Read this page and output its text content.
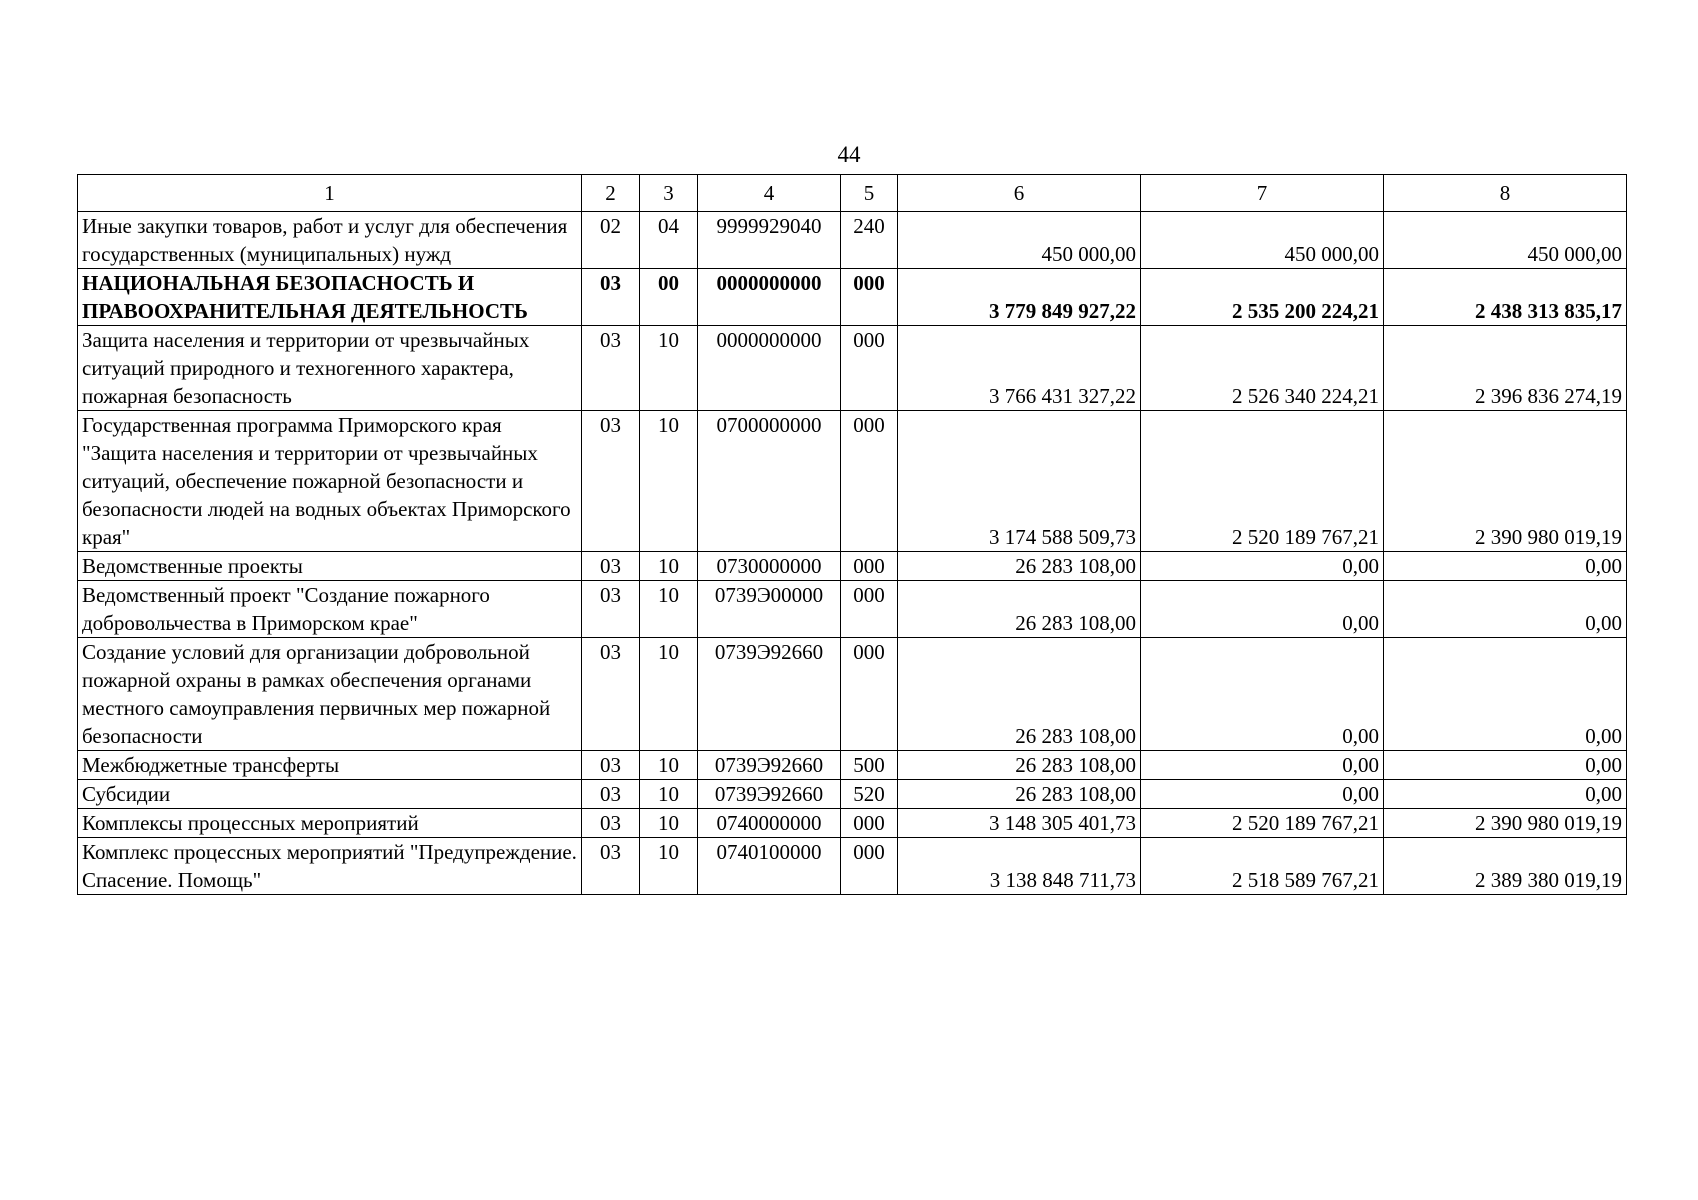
44
1	2	3	4	5	6	7	8
Иные закупки товаров, работ и услуг для обеспечения государственных (муниципальных) нужд	02	04	9999929040	240	450 000,00	450 000,00	450 000,00
НАЦИОНАЛЬНАЯ БЕЗОПАСНОСТЬ И ПРАВООХРАНИТЕЛЬНАЯ ДЕЯТЕЛЬНОСТЬ	03	00	0000000000	000	3 779 849 927,22	2 535 200 224,21	2 438 313 835,17
Защита населения и территории от чрезвычайных ситуаций природного и техногенного характера, пожарная безопасность	03	10	0000000000	000	3 766 431 327,22	2 526 340 224,21	2 396 836 274,19
Государственная программа Приморского края "Защита населения и территории от чрезвычайных ситуаций, обеспечение пожарной безопасности и безопасности людей на водных объектах Приморского края"	03	10	0700000000	000	3 174 588 509,73	2 520 189 767,21	2 390 980 019,19
Ведомственные проекты	03	10	0730000000	000	26 283 108,00	0,00	0,00
Ведомственный проект "Создание пожарного добровольчества в Приморском крае"	03	10	0739Э00000	000	26 283 108,00	0,00	0,00
Создание условий для организации добровольной пожарной охраны в рамках обеспечения органами местного самоуправления первичных мер пожарной безопасности	03	10	0739Э92660	000	26 283 108,00	0,00	0,00
Межбюджетные трансферты	03	10	0739Э92660	500	26 283 108,00	0,00	0,00
Субсидии	03	10	0739Э92660	520	26 283 108,00	0,00	0,00
Комплексы процессных мероприятий	03	10	0740000000	000	3 148 305 401,73	2 520 189 767,21	2 390 980 019,19
Комплекс процессных мероприятий "Предупреждение. Спасение. Помощь"	03	10	0740100000	000	3 138 848 711,73	2 518 589 767,21	2 389 380 019,19
